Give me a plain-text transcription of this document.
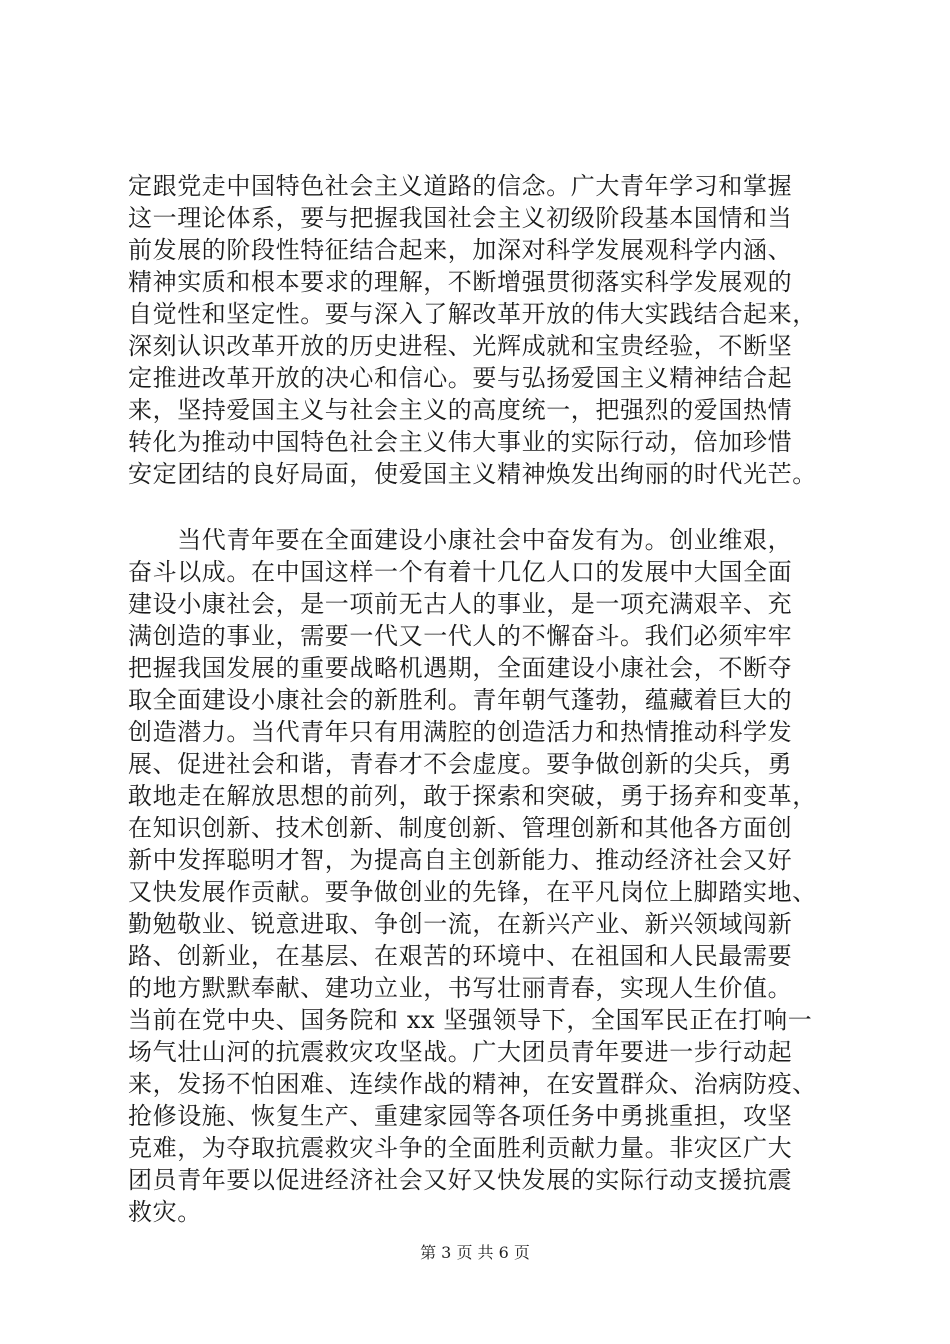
定跟党走中国特色社会主义道路的信念。广大青年学习和掌握
这一理论体系，要与把握我国社会主义初级阶段基本国情和当
前发展的阶段性特征结合起来，加深对科学发展观科学内涵、
精神实质和根本要求的理解，不断增强贯彻落实科学发展观的
自觉性和坚定性。要与深入了解改革开放的伟大实践结合起来，
深刻认识改革开放的历史进程、光辉成就和宝贵经验，不断坚
定推进改革开放的决心和信心。要与弘扬爱国主义精神结合起
来，坚持爱国主义与社会主义的高度统一，把强烈的爱国热情
转化为推动中国特色社会主义伟大事业的实际行动，倍加珍惜
安定团结的良好局面，使爱国主义精神焕发出绚丽的时代光芒。
　　当代青年要在全面建设小康社会中奋发有为。创业维艰，
奋斗以成。在中国这样一个有着十几亿人口的发展中大国全面
建设小康社会，是一项前无古人的事业，是一项充满艰辛、充
满创造的事业，需要一代又一代人的不懈奋斗。我们必须牢牢
把握我国发展的重要战略机遇期，全面建设小康社会，不断夺
取全面建设小康社会的新胜利。青年朝气蓬勃，蕴藏着巨大的
创造潜力。当代青年只有用满腔的创造活力和热情推动科学发
展、促进社会和谐，青春才不会虚度。要争做创新的尖兵，勇
敢地走在解放思想的前列，敢于探索和突破，勇于扬弃和变革，
在知识创新、技术创新、制度创新、管理创新和其他各方面创
新中发挥聪明才智，为提高自主创新能力、推动经济社会又好
又快发展作贡献。要争做创业的先锋，在平凡岗位上脚踏实地、
勤勉敬业、锐意进取、争创一流，在新兴产业、新兴领域闯新
路、创新业，在基层、在艰苦的环境中、在祖国和人民最需要
的地方默默奉献、建功立业，书写壮丽青春，实现人生价值。
当前在党中央、国务院和 xx 坚强领导下，全国军民正在打响一
场气壮山河的抗震救灾攻坚战。广大团员青年要进一步行动起
来，发扬不怕困难、连续作战的精神，在安置群众、治病防疫、
抢修设施、恢复生产、重建家园等各项任务中勇挑重担，攻坚
克难，为夺取抗震救灾斗争的全面胜利贡献力量。非灾区广大
团员青年要以促进经济社会又好又快发展的实际行动支援抗震
救灾。
第 3 页 共 6 页
